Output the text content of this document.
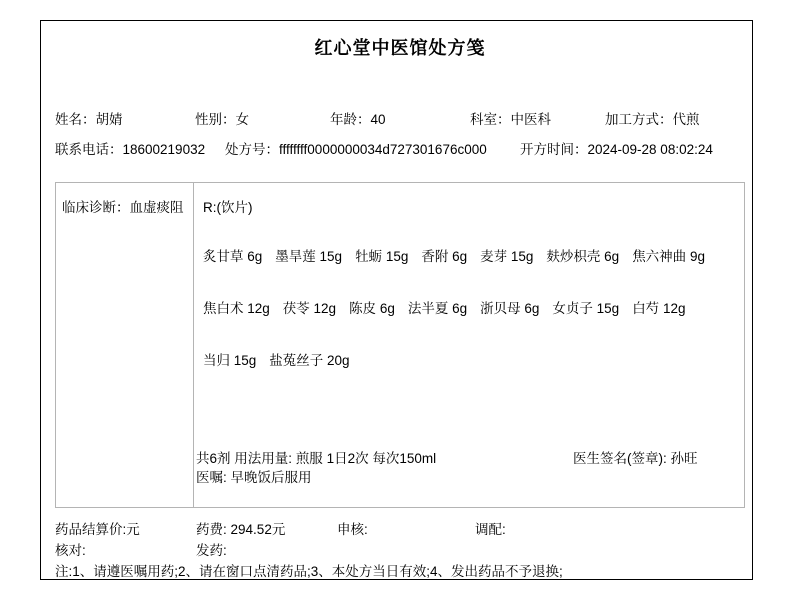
红心堂中医馆处方笺
姓名：胡婧	性别：女	年龄：40	科室：中医科	加工方式：代煎
联系电话：18600219032 处方号：ffffffff0000000034d727301676c000 开方时间：2024-09-28 08:02:24
临床诊断：血虚痰阻 R:(饮片)
炙甘草 6g 墨旱莲 15g 牡蛎 15g 香附 6g 麦芽 15g 麸炒枳壳 6g 焦六神曲 9g
焦白术 12g 茯苓 12g 陈皮 6g 法半夏 6g 浙贝母 6g 女贞子 15g 白芍 12g
当归 15g 盐菟丝子 20g
共6剂 用法用量: 煎服 1日2次 每次150ml	医生签名(签章): 孙旺
医嘱: 早晚饭后服用
药品结算价:元	药费: 294.52元	申核:	调配:
核对:	发药:
注:1、请遵医嘱用药;2、请在窗口点清药品;3、本处方当日有效;4、发出药品不予退换;
